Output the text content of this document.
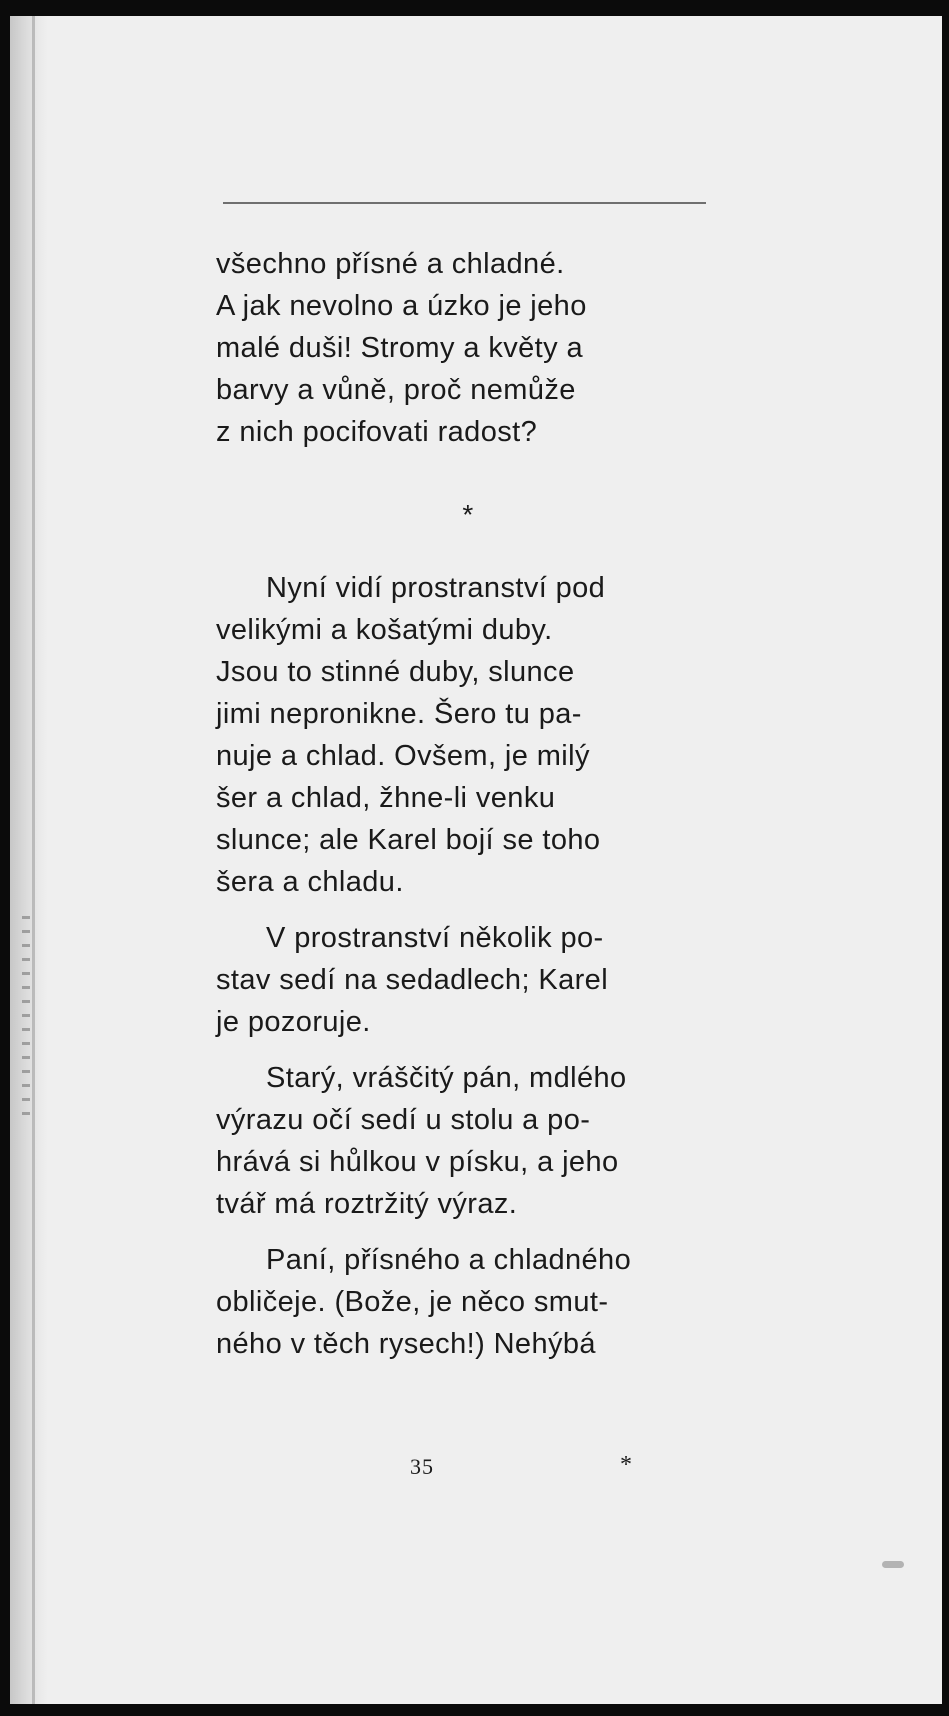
všechno přísné a chladné.
A jak nevolno a úzko je jeho
malé duši! Stromy a květy a
barvy a vůně, proč nemůže
z nich pocifovati radost?

*

Nyní vidí prostranství pod
velikými a košatými duby.
Jsou to stinné duby, slunce
jimi nepronikne. Šero tu pa-
nuje a chlad. Ovšem, je milý
šer a chlad, žhne-li venku
slunce; ale Karel bojí se toho
šera a chladu.

V prostranství několik po-
stav sedí na sedadlech; Karel
je pozoruje.

Starý, vráščitý pán, mdlého
výrazu očí sedí u stolu a po-
hrává si hůlkou v písku, a jeho
tvář má roztržitý výraz.

Paní, přísného a chladného
obličeje. (Bože, je něco smut-
ného v těch rysech!) Nehýbá

35	*
